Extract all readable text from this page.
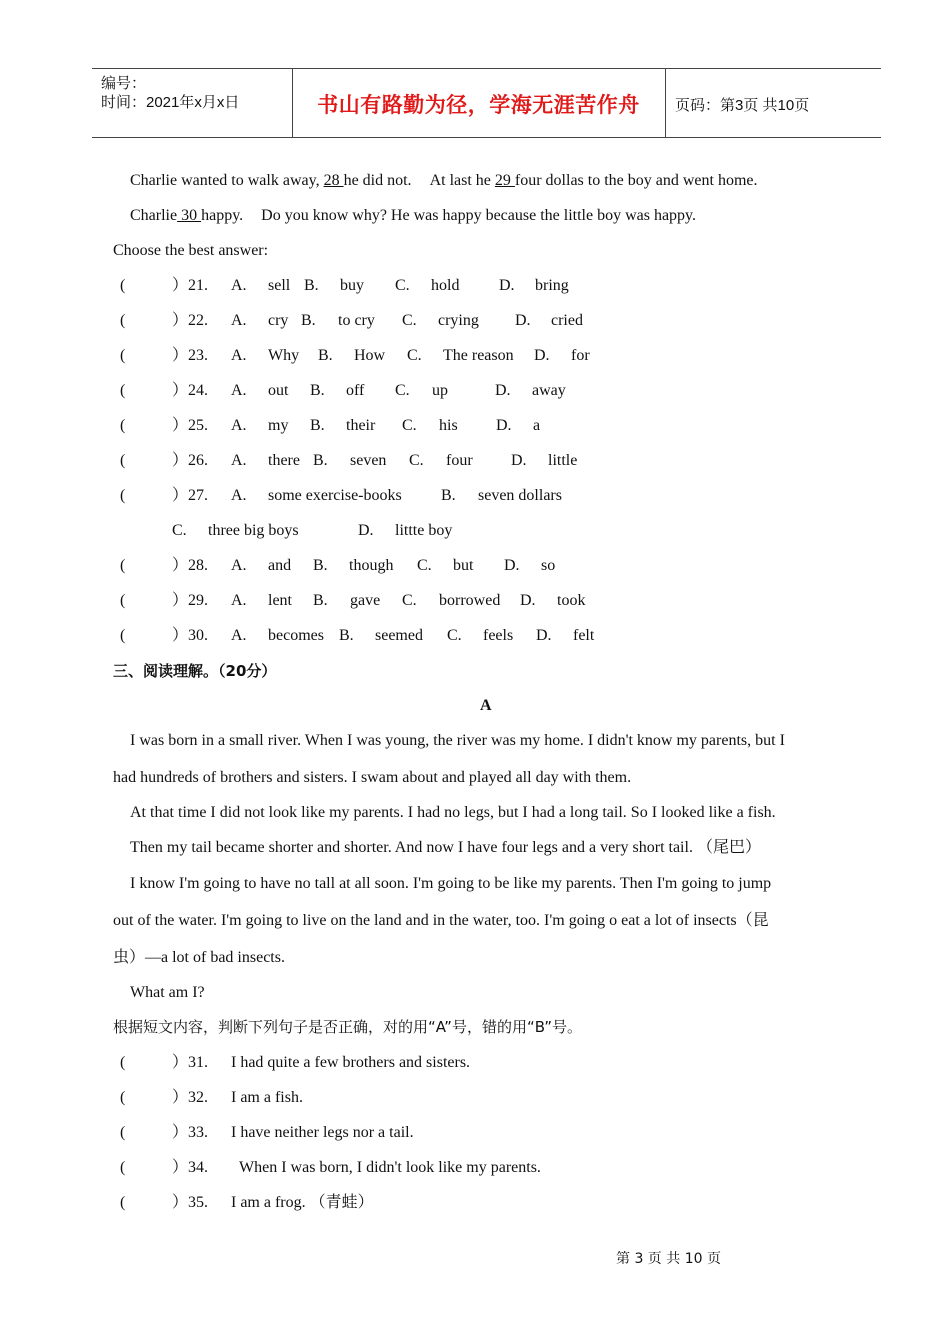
编号：
时间：2021年x月x日	书山有路勤为径，学海无涯苦作舟	页码：第3页 共10页
Charlie wanted to walk away, 28 he did not. At last he 29 four dollas to the boy and went home.
Charlie 30 happy. Do you know why? He was happy because the little boy was happy.
Choose the best answer:
(	）21. A. sell B. buy C. hold D. bring
(	）22. A. cry B. to cry C. crying D. cried
(	）23. A. Why B. How C. The reason D. for
(	）24. A. out B. off C. up	D. away
(	）25. A. my B. their C. his D. a
(	）26. A. there B. seven C. four D. little
(	）27. A. some exercise-books B. seven dollars
C. three big boys	D. littte boy
(	）28. A. and B. though C. but D. so
(	）29. A. lent B. gave C. borrowed D. took
(	）30. A. becomes B. seemed C. feels D. felt
三、阅读理解。（20分）
A
I was born in a small river. When I was young, the river was my home. I didn't know my parents, but I
had hundreds of brothers and sisters. I swam about and played all day with them.
At that time I did not look like my parents. I had no legs, but I had a long tail. So I looked like a fish.
Then my tail became shorter and shorter. And now I have four legs and a very short tail. （尾巴）
I know I'm going to have no tall at all soon. I'm going to be like my parents. Then I'm going to jump
out of the water. I'm going to live on the land and in the water, too. I'm going o eat a lot of insects（昆
虫）—a lot of bad insects.
What am I?
根据短文内容，判断下列句子是否正确，对的用“A”号，错的用“B”号。
(	）31. I had quite a few brothers and sisters.
(	）32. I am a fish.
(	）33. I have neither legs nor a tail.
(	）34. When I was born, I didn't look like my parents.
(	）35. I am a frog. （青蛙）
第 3 页 共 10 页
